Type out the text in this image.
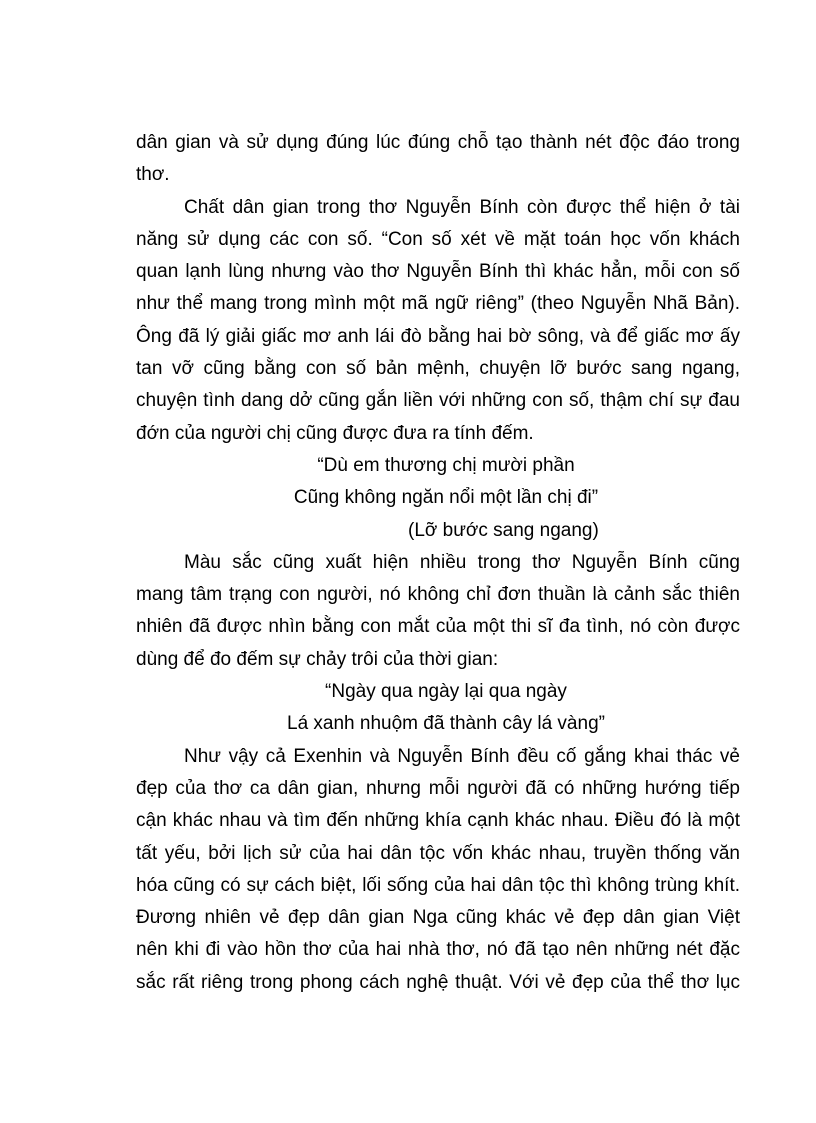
dân gian và sử dụng đúng lúc đúng chỗ tạo thành nét độc đáo trong
thơ.
Chất dân gian trong thơ Nguyễn Bính còn được thể hiện ở tài
năng sử dụng các con số. “Con số xét về mặt toán học vốn khách
quan lạnh lùng nhưng vào thơ Nguyễn Bính thì khác hẳn, mỗi con số
như thể mang trong mình một mã ngữ riêng” (theo Nguyễn Nhã Bản).
Ông đã lý giải giấc mơ anh lái đò bằng hai bờ sông, và để giấc mơ ấy
tan vỡ cũng bằng con số bản mệnh, chuyện lỡ bước sang ngang,
chuyện tình dang dở cũng gắn liền với những con số, thậm chí sự đau
đớn của người chị cũng được đưa ra tính đếm.
“Dù em thương chị mười phần
Cũng không ngăn nổi một lần chị đi”
(Lỡ bước sang ngang)
Màu sắc cũng xuất hiện nhiều trong thơ Nguyễn Bính cũng
mang tâm trạng con người, nó không chỉ đơn thuần là cảnh sắc thiên
nhiên đã được nhìn bằng con mắt của một thi sĩ đa tình, nó còn được
dùng để đo đếm sự chảy trôi của thời gian:
“Ngày qua ngày lại qua ngày
Lá xanh nhuộm đã thành cây lá vàng”
Như vậy cả Exenhin và Nguyễn Bính đều cố gắng khai thác vẻ
đẹp của thơ ca dân gian, nhưng mỗi người đã có những hướng tiếp
cận khác nhau và tìm đến những khía cạnh khác nhau. Điều đó là một
tất yếu, bởi lịch sử của hai dân tộc vốn khác nhau, truyền thống văn
hóa cũng có sự cách biệt, lối sống của hai dân tộc thì không trùng khít.
Đương nhiên vẻ đẹp dân gian Nga cũng khác vẻ đẹp dân gian Việt
nên khi đi vào hồn thơ của hai nhà thơ, nó đã tạo nên những nét đặc
sắc rất riêng trong phong cách nghệ thuật. Với vẻ đẹp của thể thơ lục
